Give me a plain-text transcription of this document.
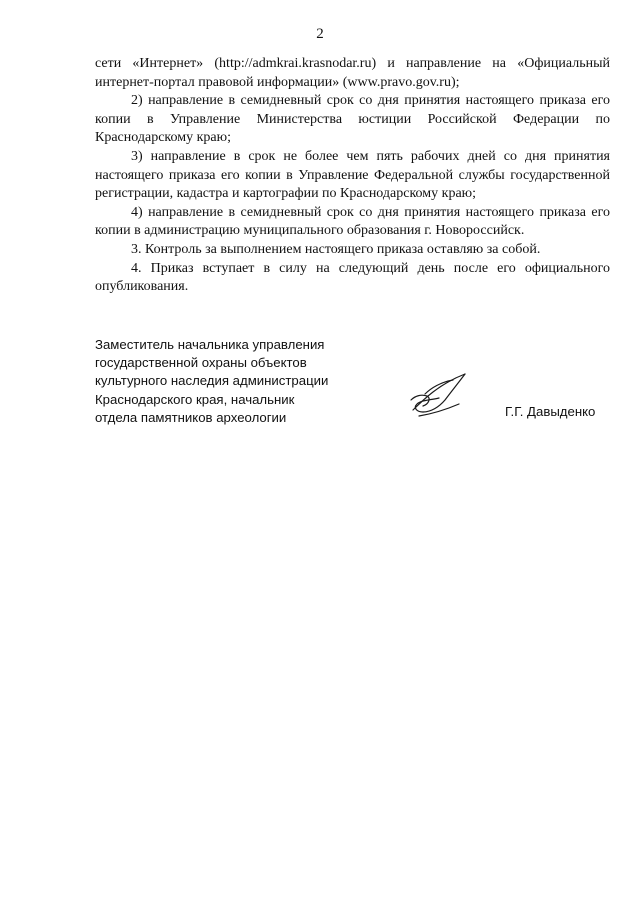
2

сети «Интернет» (http://admkrai.krasnodar.ru) и направление на «Официальный интернет-портал правовой информации» (www.pravo.gov.ru);

2) направление в семидневный срок со дня принятия настоящего приказа его копии в Управление Министерства юстиции Российской Федерации по Краснодарскому краю;

3) направление в срок не более чем пять рабочих дней со дня принятия настоящего приказа его копии в Управление Федеральной службы государственной регистрации, кадастра и картографии по Краснодарскому краю;

4) направление в семидневный срок со дня принятия настоящего приказа его копии в администрацию муниципального образования г. Новороссийск.

3. Контроль за выполнением настоящего приказа оставляю за собой.

4. Приказ вступает в силу на следующий день после его официального опубликования.

Заместитель начальника управления
государственной охраны объектов
культурного наследия администрации
Краснодарского края, начальник
отдела памятников археологии	Г.Г. Давыденко
